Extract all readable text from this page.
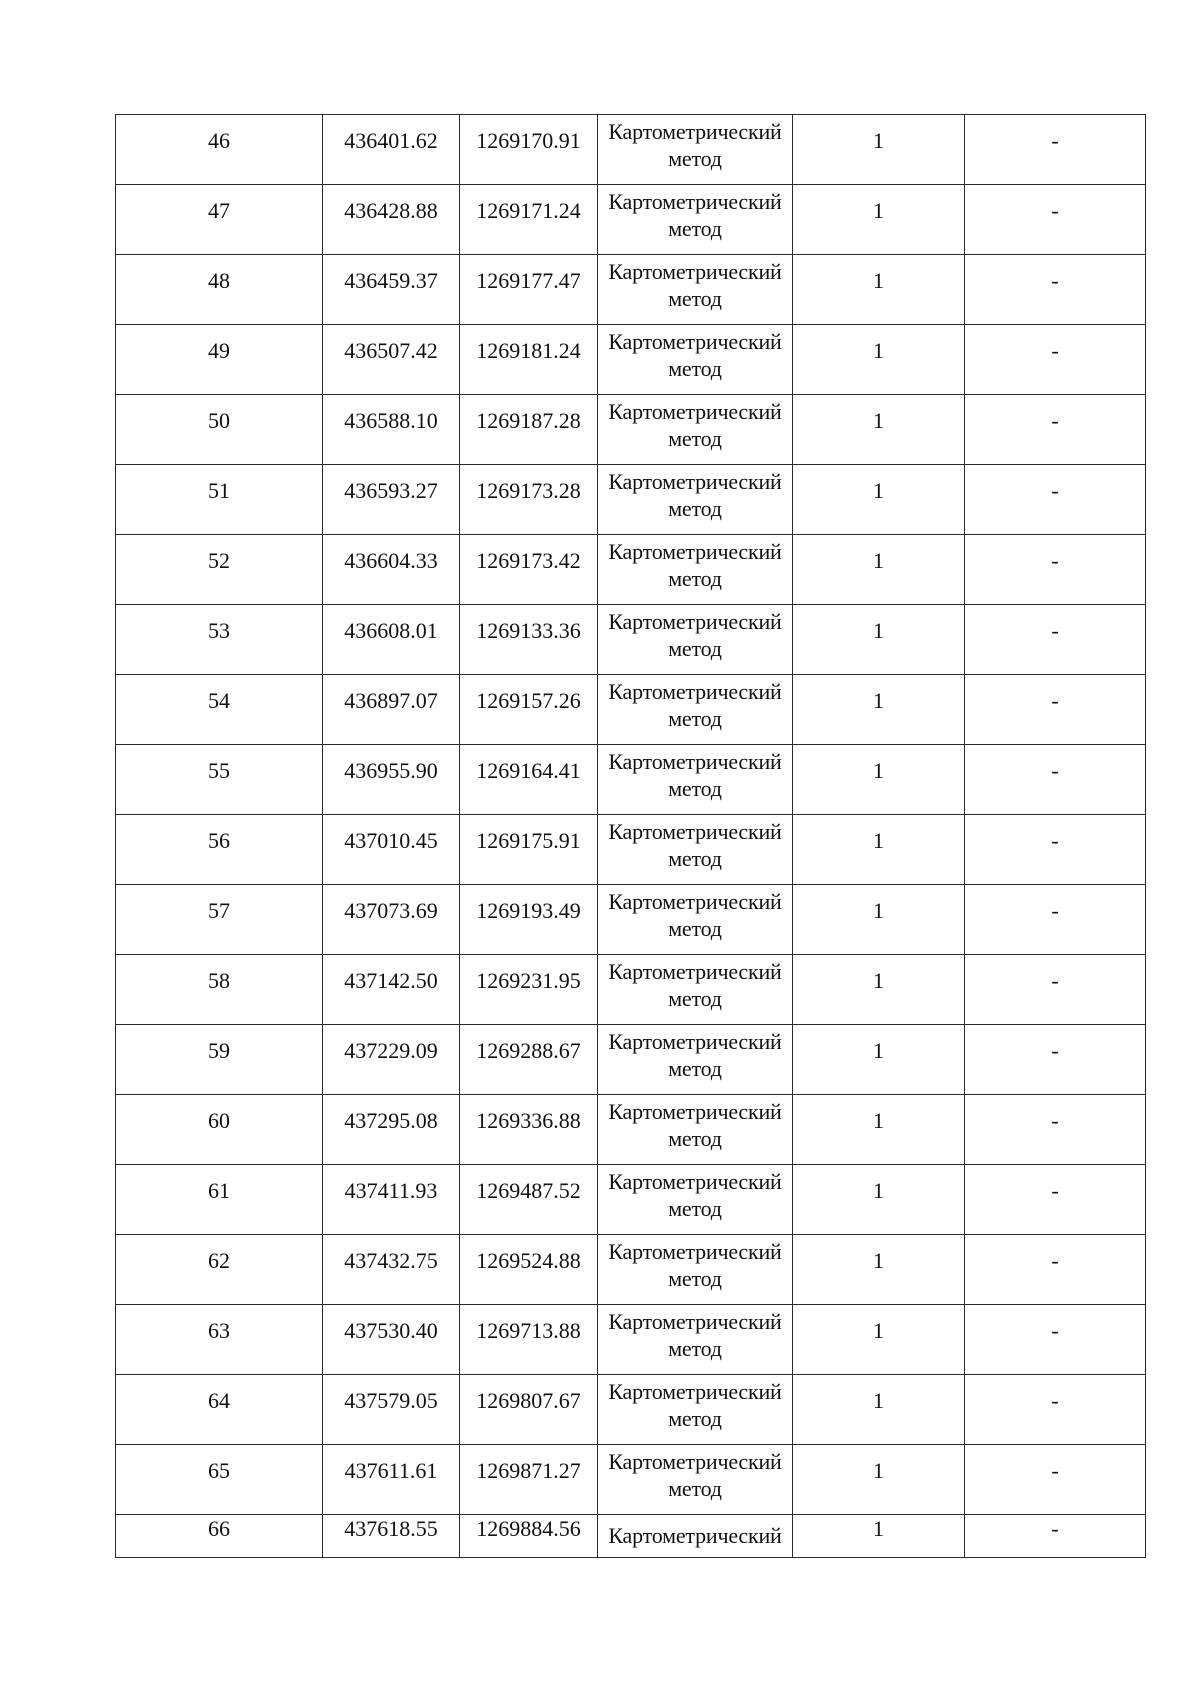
46	436401.62	1269170.91	Картометрический
метод	1	-

47	436428.88	1269171.24	Картометрический
метод	1	-

48	436459.37	1269177.47	Картометрический
метод	1	-

49	436507.42	1269181.24	Картометрический
метод	1	-

50	436588.10	1269187.28	Картометрический
метод	1	-

51	436593.27	1269173.28	Картометрический
метод	1	-

52	436604.33	1269173.42	Картометрический
метод	1	-

53	436608.01	1269133.36	Картометрический
метод	1	-

54	436897.07	1269157.26	Картометрический
метод	1	-

55	436955.90	1269164.41	Картометрический
метод	1	-

56	437010.45	1269175.91	Картометрический
метод	1	-

57	437073.69	1269193.49	Картометрический
метод	1	-

58	437142.50	1269231.95	Картометрический
метод	1	-

59	437229.09	1269288.67	Картометрический
метод	1	-

60	437295.08	1269336.88	Картометрический
метод	1	-

61	437411.93	1269487.52	Картометрический
метод	1	-

62	437432.75	1269524.88	Картометрический
метод	1	-

63	437530.40	1269713.88	Картометрический
метод	1	-

64	437579.05	1269807.67	Картометрический
метод	1	-

65	437611.61	1269871.27	Картометрический
метод	1	-

66	437618.55	1269884.56	Картометрический	1	-
